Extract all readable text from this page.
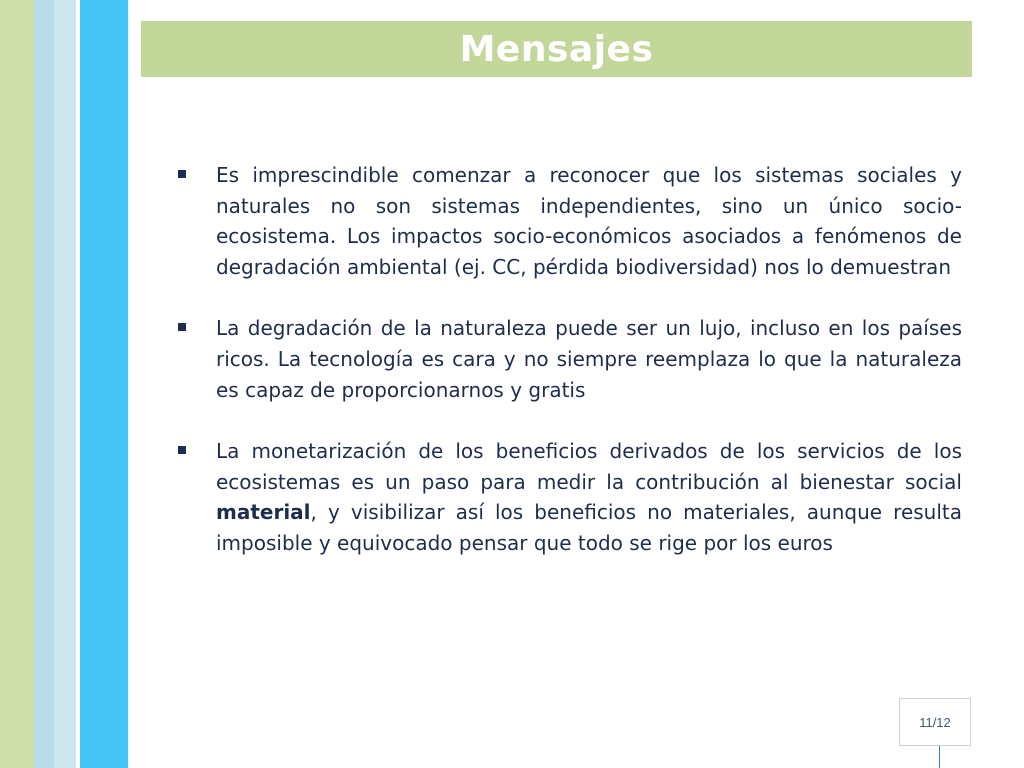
Mensajes
Es imprescindible comenzar a reconocer que los sistemas sociales y naturales no son sistemas independientes, sino un único socio-ecosistema. Los impactos socio-económicos asociados a fenómenos de degradación ambiental (ej. CC, pérdida biodiversidad) nos lo demuestran
La degradación de la naturaleza puede ser un lujo, incluso en los países ricos. La tecnología es cara y no siempre reemplaza lo que la naturaleza es capaz de proporcionarnos y gratis
La monetarización de los beneficios derivados de los servicios de los ecosistemas es un paso para medir la contribución al bienestar social material, y visibilizar así los beneficios no materiales, aunque resulta imposible y equivocado pensar que todo se rige por los euros
11/12
